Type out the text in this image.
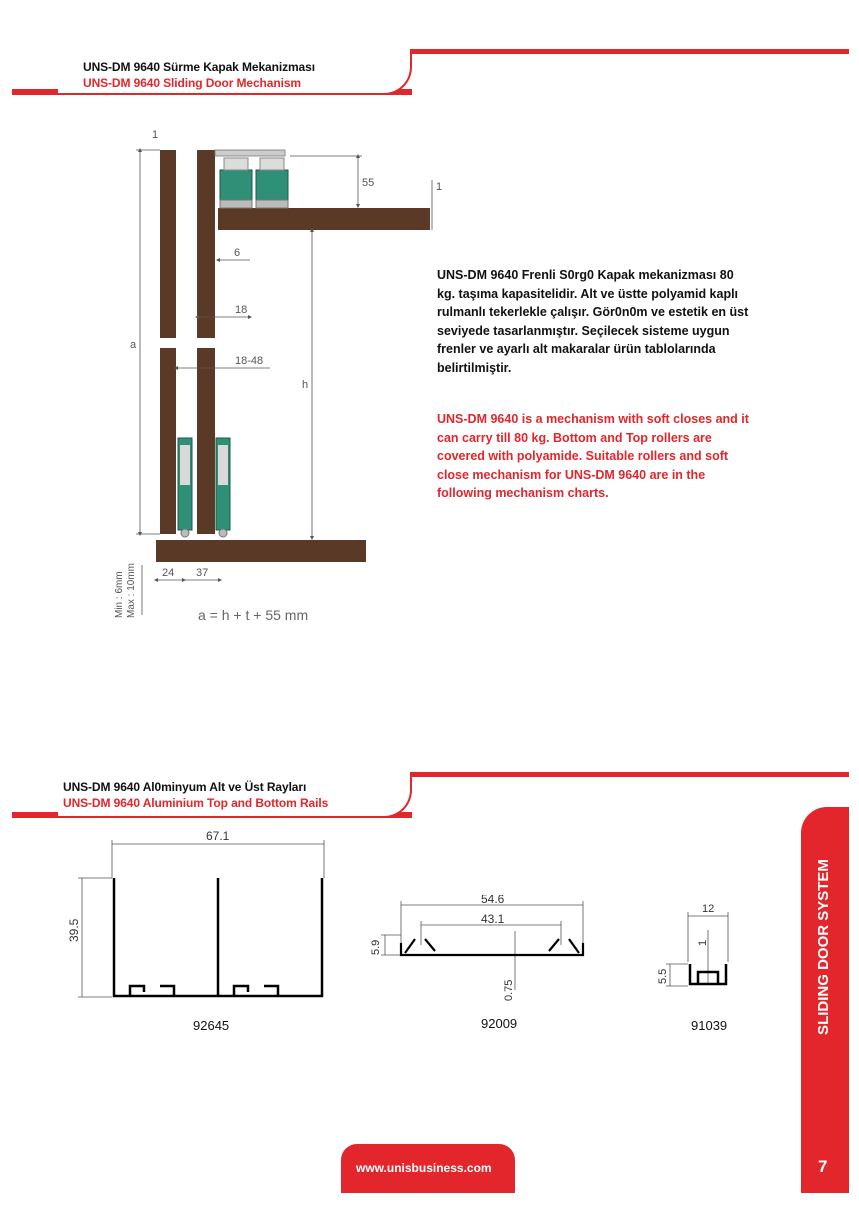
UNS-DM 9640 Sürme Kapak Mekanizması
UNS-DM 9640 Sliding Door Mechanism
1
1
55
6
18
18-48
a
h
24 37
Min : 6mm Max : 10mm	a = h + t + 55 mm
UNS-DM 9640 Frenli S0rg0 Kapak mekanizması 80 kg. taşıma kapasitelidir. Alt ve üstte polyamid kaplı rulmanlı tekerlekle çalışır. Gör0n0m ve estetik en üst seviyede tasarlanmıştır. Seçilecek sisteme uygun frenler ve ayarlı alt makaralar ürün tablolarında belirtilmiştir.
UNS-DM 9640 is a mechanism with soft closes and it can carry till 80 kg. Bottom and Top rollers are covered with polyamide. Suitable rollers and soft close mechanism for UNS-DM 9640 are in the following mechanism charts.
UNS-DM 9640 Al0minyum Alt ve Üst Rayları
UNS-DM 9640 Aluminium Top and Bottom Rails
67.1
39.5
92645
54.6
43.1
5.9
0.75
92009
12
1
5.5
91039	SLIDING DOOR SYSTEM
7
www.unisbusiness.com
